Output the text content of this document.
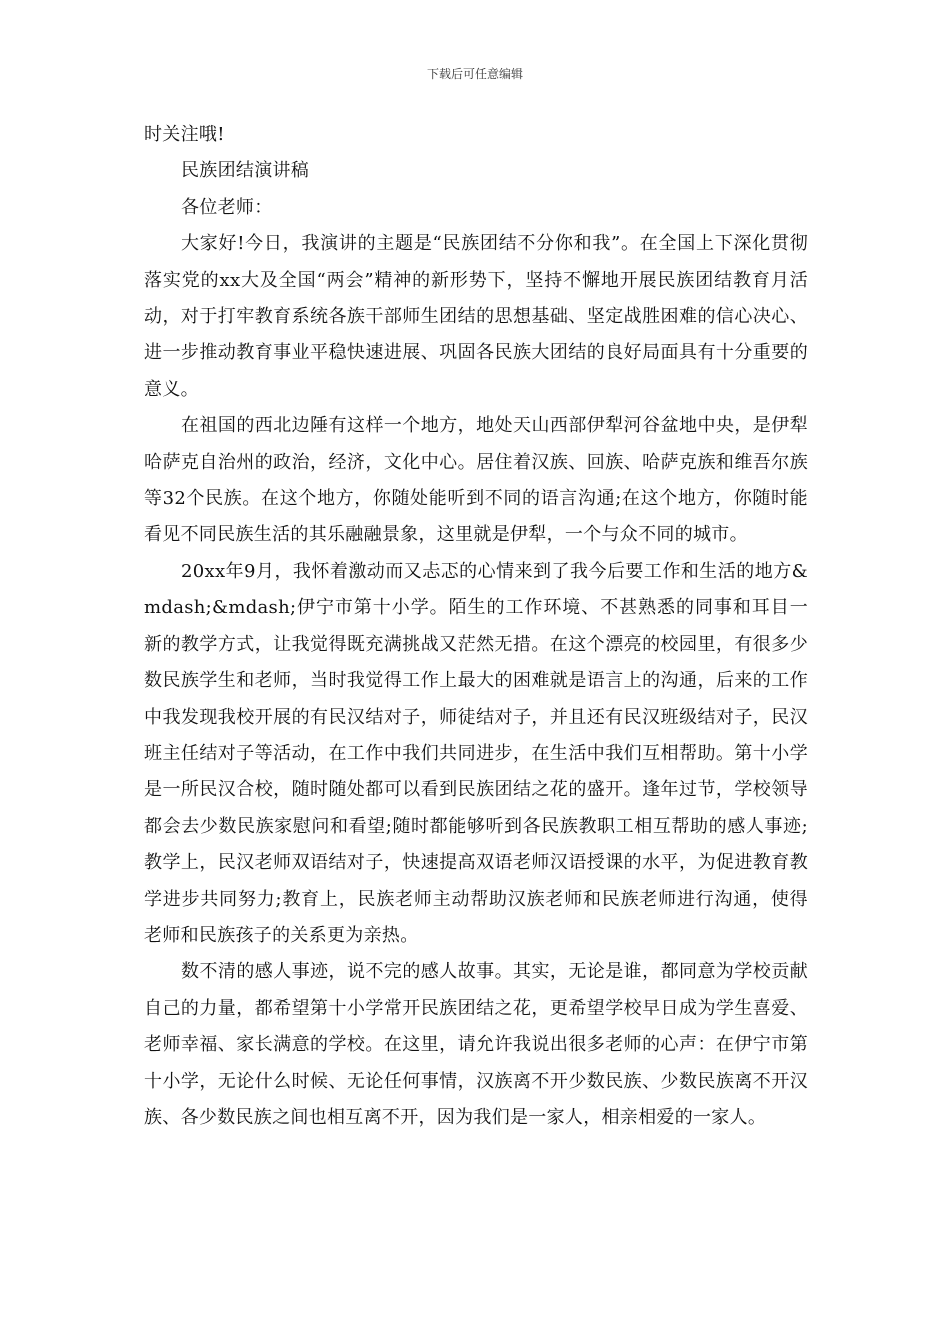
下载后可任意编辑

时关注哦!

民族团结演讲稿

各位老师：

大家好!今日，我演讲的主题是“民族团结不分你和我”。在全国上下深化贯彻落实党的xx大及全国“两会”精神的新形势下，坚持不懈地开展民族团结教育月活动，对于打牢教育系统各族干部师生团结的思想基础、坚定战胜困难的信心决心、进一步推动教育事业平稳快速进展、巩固各民族大团结的良好局面具有十分重要的意义。

在祖国的西北边陲有这样一个地方，地处天山西部伊犁河谷盆地中央，是伊犁哈萨克自治州的政治，经济，文化中心。居住着汉族、回族、哈萨克族和维吾尔族等32个民族。在这个地方，你随处能听到不同的语言沟通;在这个地方，你随时能看见不同民族生活的其乐融融景象，这里就是伊犁，一个与众不同的城市。

20xx年9月，我怀着激动而又忐忑的心情来到了我今后要工作和生活的地方&mdash;&mdash;伊宁市第十小学。陌生的工作环境、不甚熟悉的同事和耳目一新的教学方式，让我觉得既充满挑战又茫然无措。在这个漂亮的校园里，有很多少数民族学生和老师，当时我觉得工作上最大的困难就是语言上的沟通，后来的工作中我发现我校开展的有民汉结对子，师徒结对子，并且还有民汉班级结对子，民汉班主任结对子等活动，在工作中我们共同进步，在生活中我们互相帮助。第十小学是一所民汉合校，随时随处都可以看到民族团结之花的盛开。逢年过节，学校领导都会去少数民族家慰问和看望;随时都能够听到各民族教职工相互帮助的感人事迹;教学上，民汉老师双语结对子，快速提高双语老师汉语授课的水平，为促进教育教学进步共同努力;教育上，民族老师主动帮助汉族老师和民族老师进行沟通，使得老师和民族孩子的关系更为亲热。

数不清的感人事迹，说不完的感人故事。其实，无论是谁，都同意为学校贡献自己的力量，都希望第十小学常开民族团结之花，更希望学校早日成为学生喜爱、老师幸福、家长满意的学校。在这里，请允许我说出很多老师的心声：在伊宁市第十小学，无论什么时候、无论任何事情，汉族离不开少数民族、少数民族离不开汉族、各少数民族之间也相互离不开，因为我们是一家人，相亲相爱的一家人。
